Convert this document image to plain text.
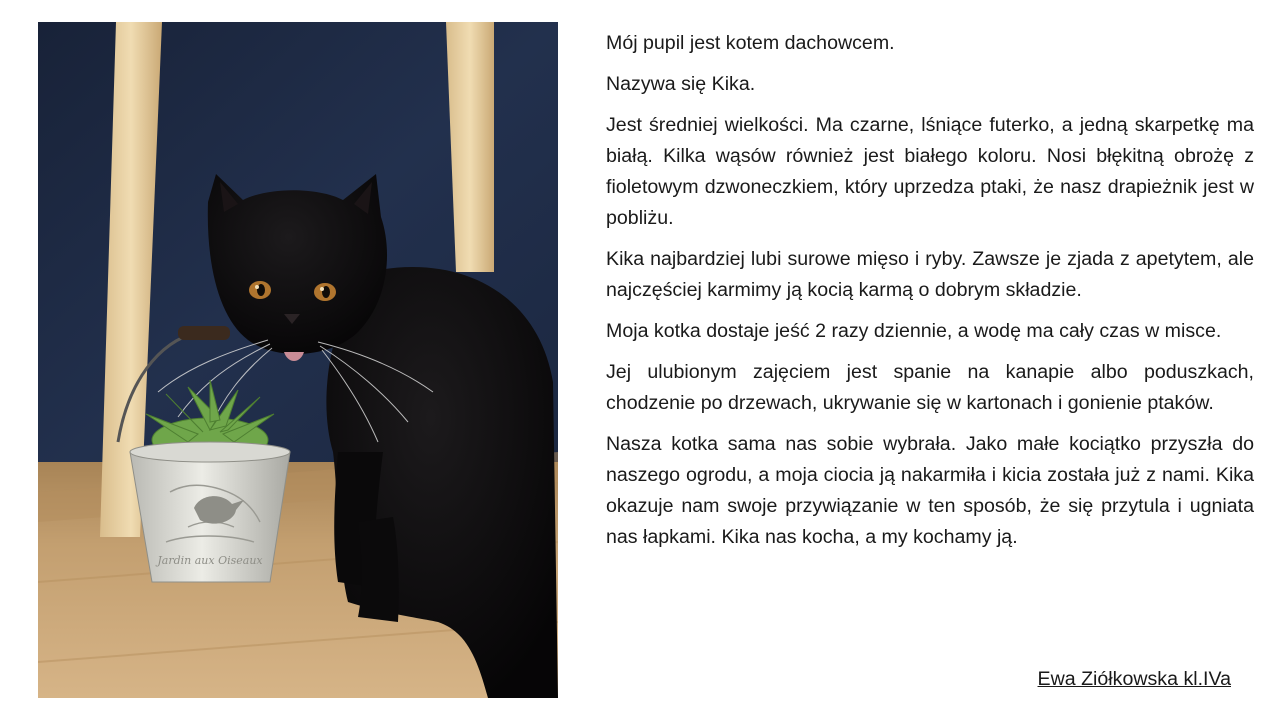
Jardin aux Oiseaux

Mój pupil jest kotem dachowcem.

Nazywa się Kika.

Jest średniej wielkości. Ma czarne, lśniące futerko, a jedną skarpetkę ma białą. Kilka wąsów również jest białego koloru. Nosi błękitną obrożę z fioletowym dzwoneczkiem, który uprzedza ptaki, że nasz drapieżnik jest w pobliżu.

Kika najbardziej lubi surowe mięso i ryby. Zawsze je zjada z apetytem, ale najczęściej karmimy ją kocią karmą o dobrym składzie.

Moja kotka dostaje jeść 2 razy dziennie, a wodę ma cały czas w misce.

Jej ulubionym zajęciem jest spanie na kanapie albo poduszkach, chodzenie po drzewach, ukrywanie się w kartonach i gonienie ptaków.

Nasza kotka sama nas sobie wybrała. Jako małe kociątko przyszła do naszego ogrodu, a moja ciocia ją nakarmiła i kicia została już z nami. Kika okazuje nam swoje przywiązanie w ten sposób, że się przytula i ugniata nas łapkami. Kika nas kocha, a my kochamy ją.

Ewa Ziółkowska kl.IVa
